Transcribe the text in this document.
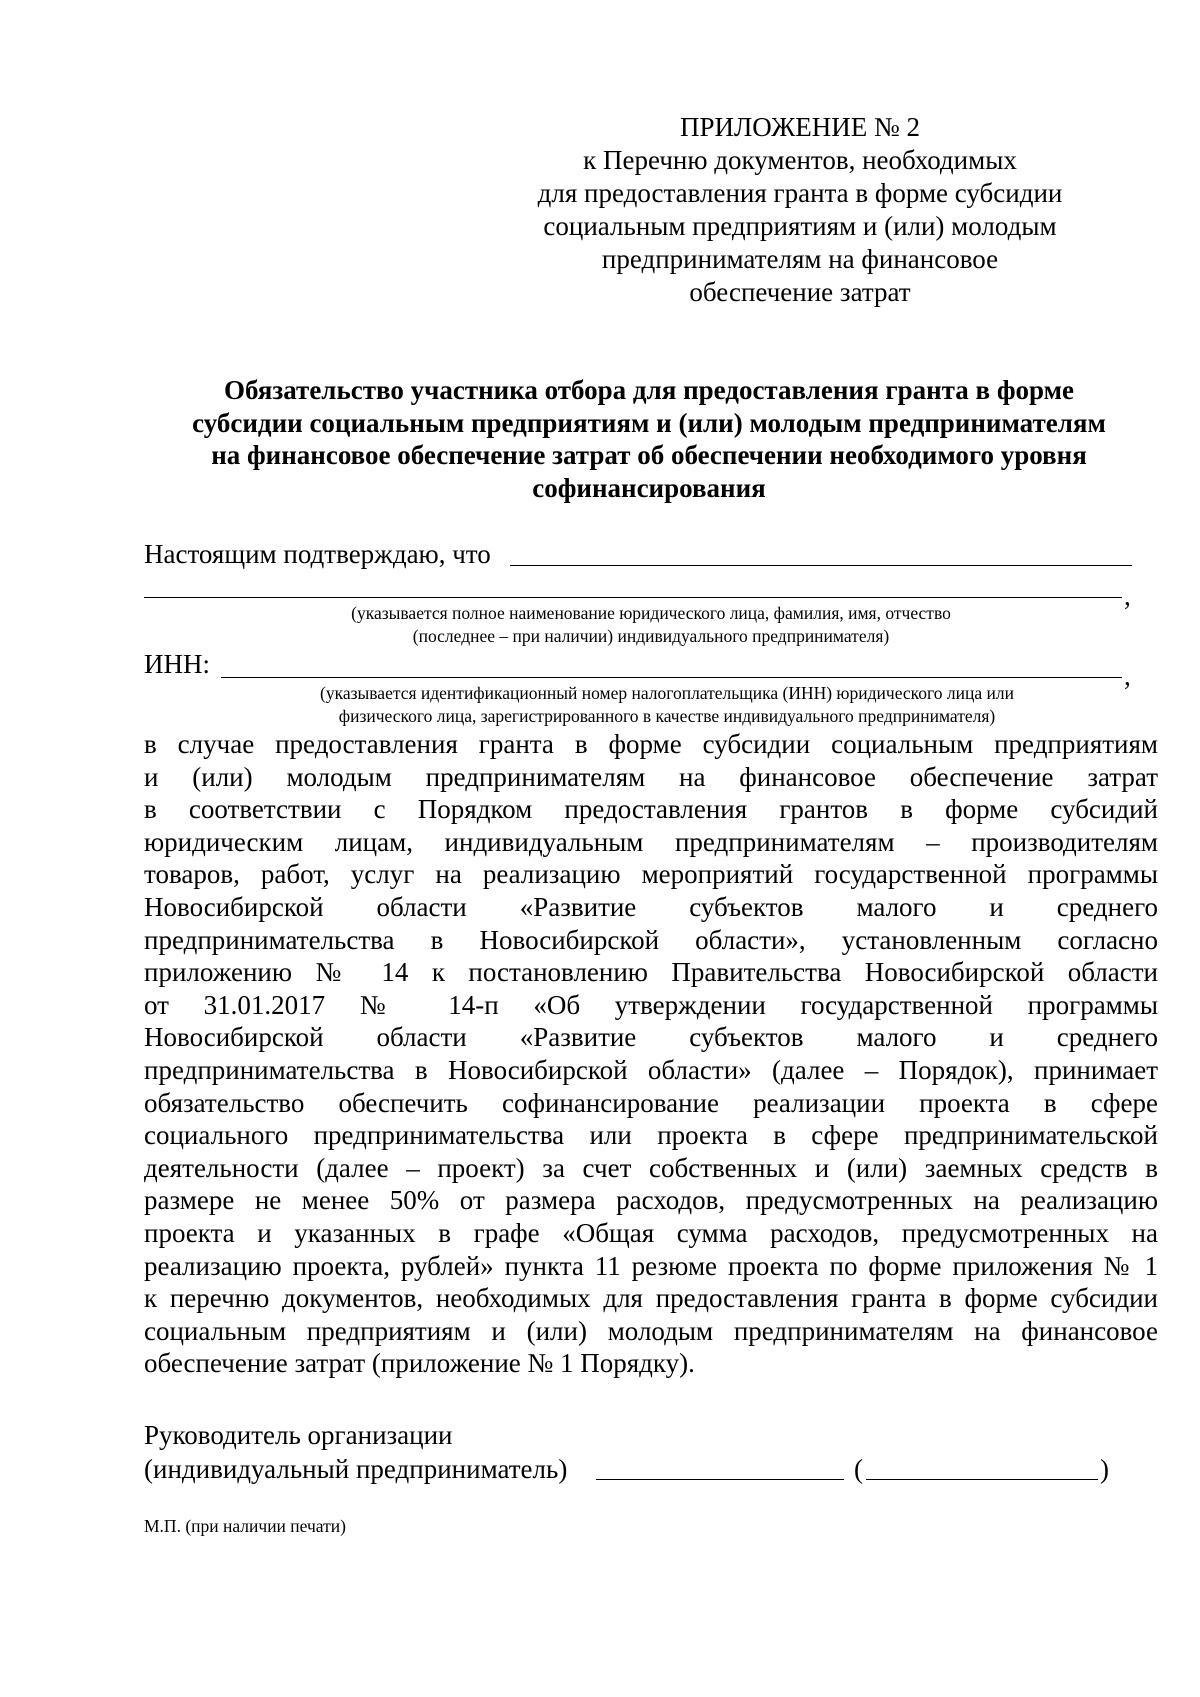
ПРИЛОЖЕНИЕ № 2
к Перечню документов, необходимых
для предоставления гранта в форме субсидии
социальным предприятиям и (или) молодым
предпринимателям на финансовое
обеспечение затрат
Обязательство участника отбора для предоставления гранта в форме
субсидии социальным предприятиям и (или) молодым предпринимателям
на финансовое обеспечение затрат об обеспечении необходимого уровня
софинансирования
Настоящим подтверждаю, что
,
(указывается полное наименование юридического лица, фамилия, имя, отчество
(последнее – при наличии) индивидуального предпринимателя)
ИНН:	,
(указывается идентификационный номер налогоплательщика (ИНН) юридического лица или
физического лица, зарегистрированного в качестве индивидуального предпринимателя)
в случае предоставления гранта в форме субсидии социальным предприятиям
и (или) молодым предпринимателям на финансовое обеспечение затрат
в соответствии с Порядком предоставления грантов в форме субсидий
юридическим лицам, индивидуальным предпринимателям – производителям
товаров, работ, услуг на реализацию мероприятий государственной программы
Новосибирской области «Развитие субъектов малого и среднего
предпринимательства в Новосибирской области», установленным согласно
приложению № 14 к постановлению Правительства Новосибирской области
от 31.01.2017 № 14-п «Об утверждении государственной программы
Новосибирской области «Развитие субъектов малого и среднего
предпринимательства в Новосибирской области» (далее – Порядок), принимает
обязательство обеспечить софинансирование реализации проекта в сфере
социального предпринимательства или проекта в сфере предпринимательской
деятельности (далее – проект) за счет собственных и (или) заемных средств в
размере не менее 50% от размера расходов, предусмотренных на реализацию
проекта и указанных в графе «Общая сумма расходов, предусмотренных на
реализацию проекта, рублей» пункта 11 резюме проекта по форме приложения № 1
к перечню документов, необходимых для предоставления гранта в форме субсидии
социальным предприятиям и (или) молодым предпринимателям на финансовое
обеспечение затрат (приложение № 1 Порядку).
Руководитель организации
(индивидуальный предприниматель)	(	)
М.П. (при наличии печати)
